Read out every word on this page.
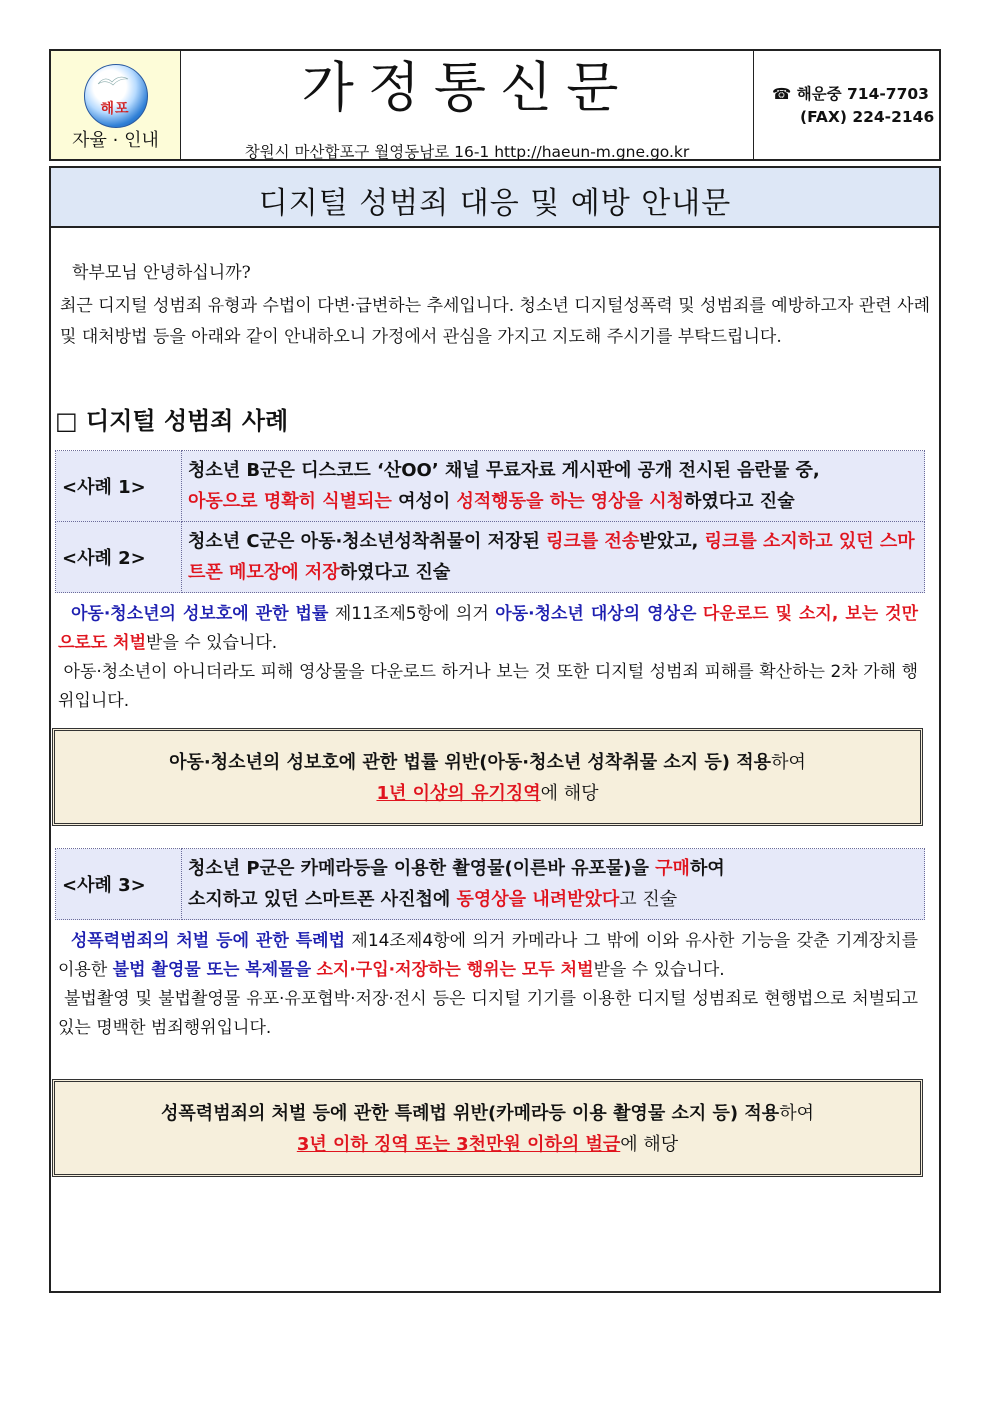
해포
자율 · 인내
가정통신문
창원시 마산합포구 월영동남로 16-1 http://haeun-m.gne.go.kr
☎ 해운중 714-7703
(FAX) 224-2146
디지털 성범죄 대응 및 예방 안내문
학부모님 안녕하십니까?
최근 디지털 성범죄 유형과 수법이 다변·급변하는 추세입니다. 청소년 디지털성폭력 및 성범죄를 예방하고자 관련 사례 및 대처방법 등을 아래와 같이 안내하오니 가정에서 관심을 가지고 지도해 주시기를 부탁드립니다.
□ 디지털 성범죄 사례
<사례 1>	청소년 B군은 디스코드 ‘산OO’ 채널 무료자료 게시판에 공개 전시된 음란물 중,
아동으로 명확히 식별되는 여성이 성적행동을 하는 영상을 시청하였다고 진술
<사례 2>	청소년 C군은 아동·청소년성착취물이 저장된 링크를 전송받았고, 링크를 소지하고 있던 스마트폰 메모장에 저장하였다고 진술
아동·청소년의 성보호에 관한 법률 제11조제5항에 의거 아동·청소년 대상의 영상은 다운로드 및 소지, 보는 것만으로도 처벌받을 수 있습니다.
아동·청소년이 아니더라도 피해 영상물을 다운로드 하거나 보는 것 또한 디지털 성범죄 피해를 확산하는 2차 가해 행위입니다.
아동·청소년의 성보호에 관한 법률 위반(아동·청소년 성착취물 소지 등) 적용하여
1년 이상의 유기징역에 해당
<사례 3>	청소년 P군은 카메라등을 이용한 촬영물(이른바 유포물)을 구매하여
소지하고 있던 스마트폰 사진첩에 동영상을 내려받았다고 진술
성폭력범죄의 처벌 등에 관한 특례법 제14조제4항에 의거 카메라나 그 밖에 이와 유사한 기능을 갖춘 기계장치를 이용한 불법 촬영물 또는 복제물을 소지·구입·저장하는 행위는 모두 처벌받을 수 있습니다.
불법촬영 및 불법촬영물 유포·유포협박·저장·전시 등은 디지털 기기를 이용한 디지털 성범죄로 현행법으로 처벌되고 있는 명백한 범죄행위입니다.
성폭력범죄의 처벌 등에 관한 특례법 위반(카메라등 이용 촬영물 소지 등) 적용하여
3년 이하 징역 또는 3천만원 이하의 벌금에 해당
